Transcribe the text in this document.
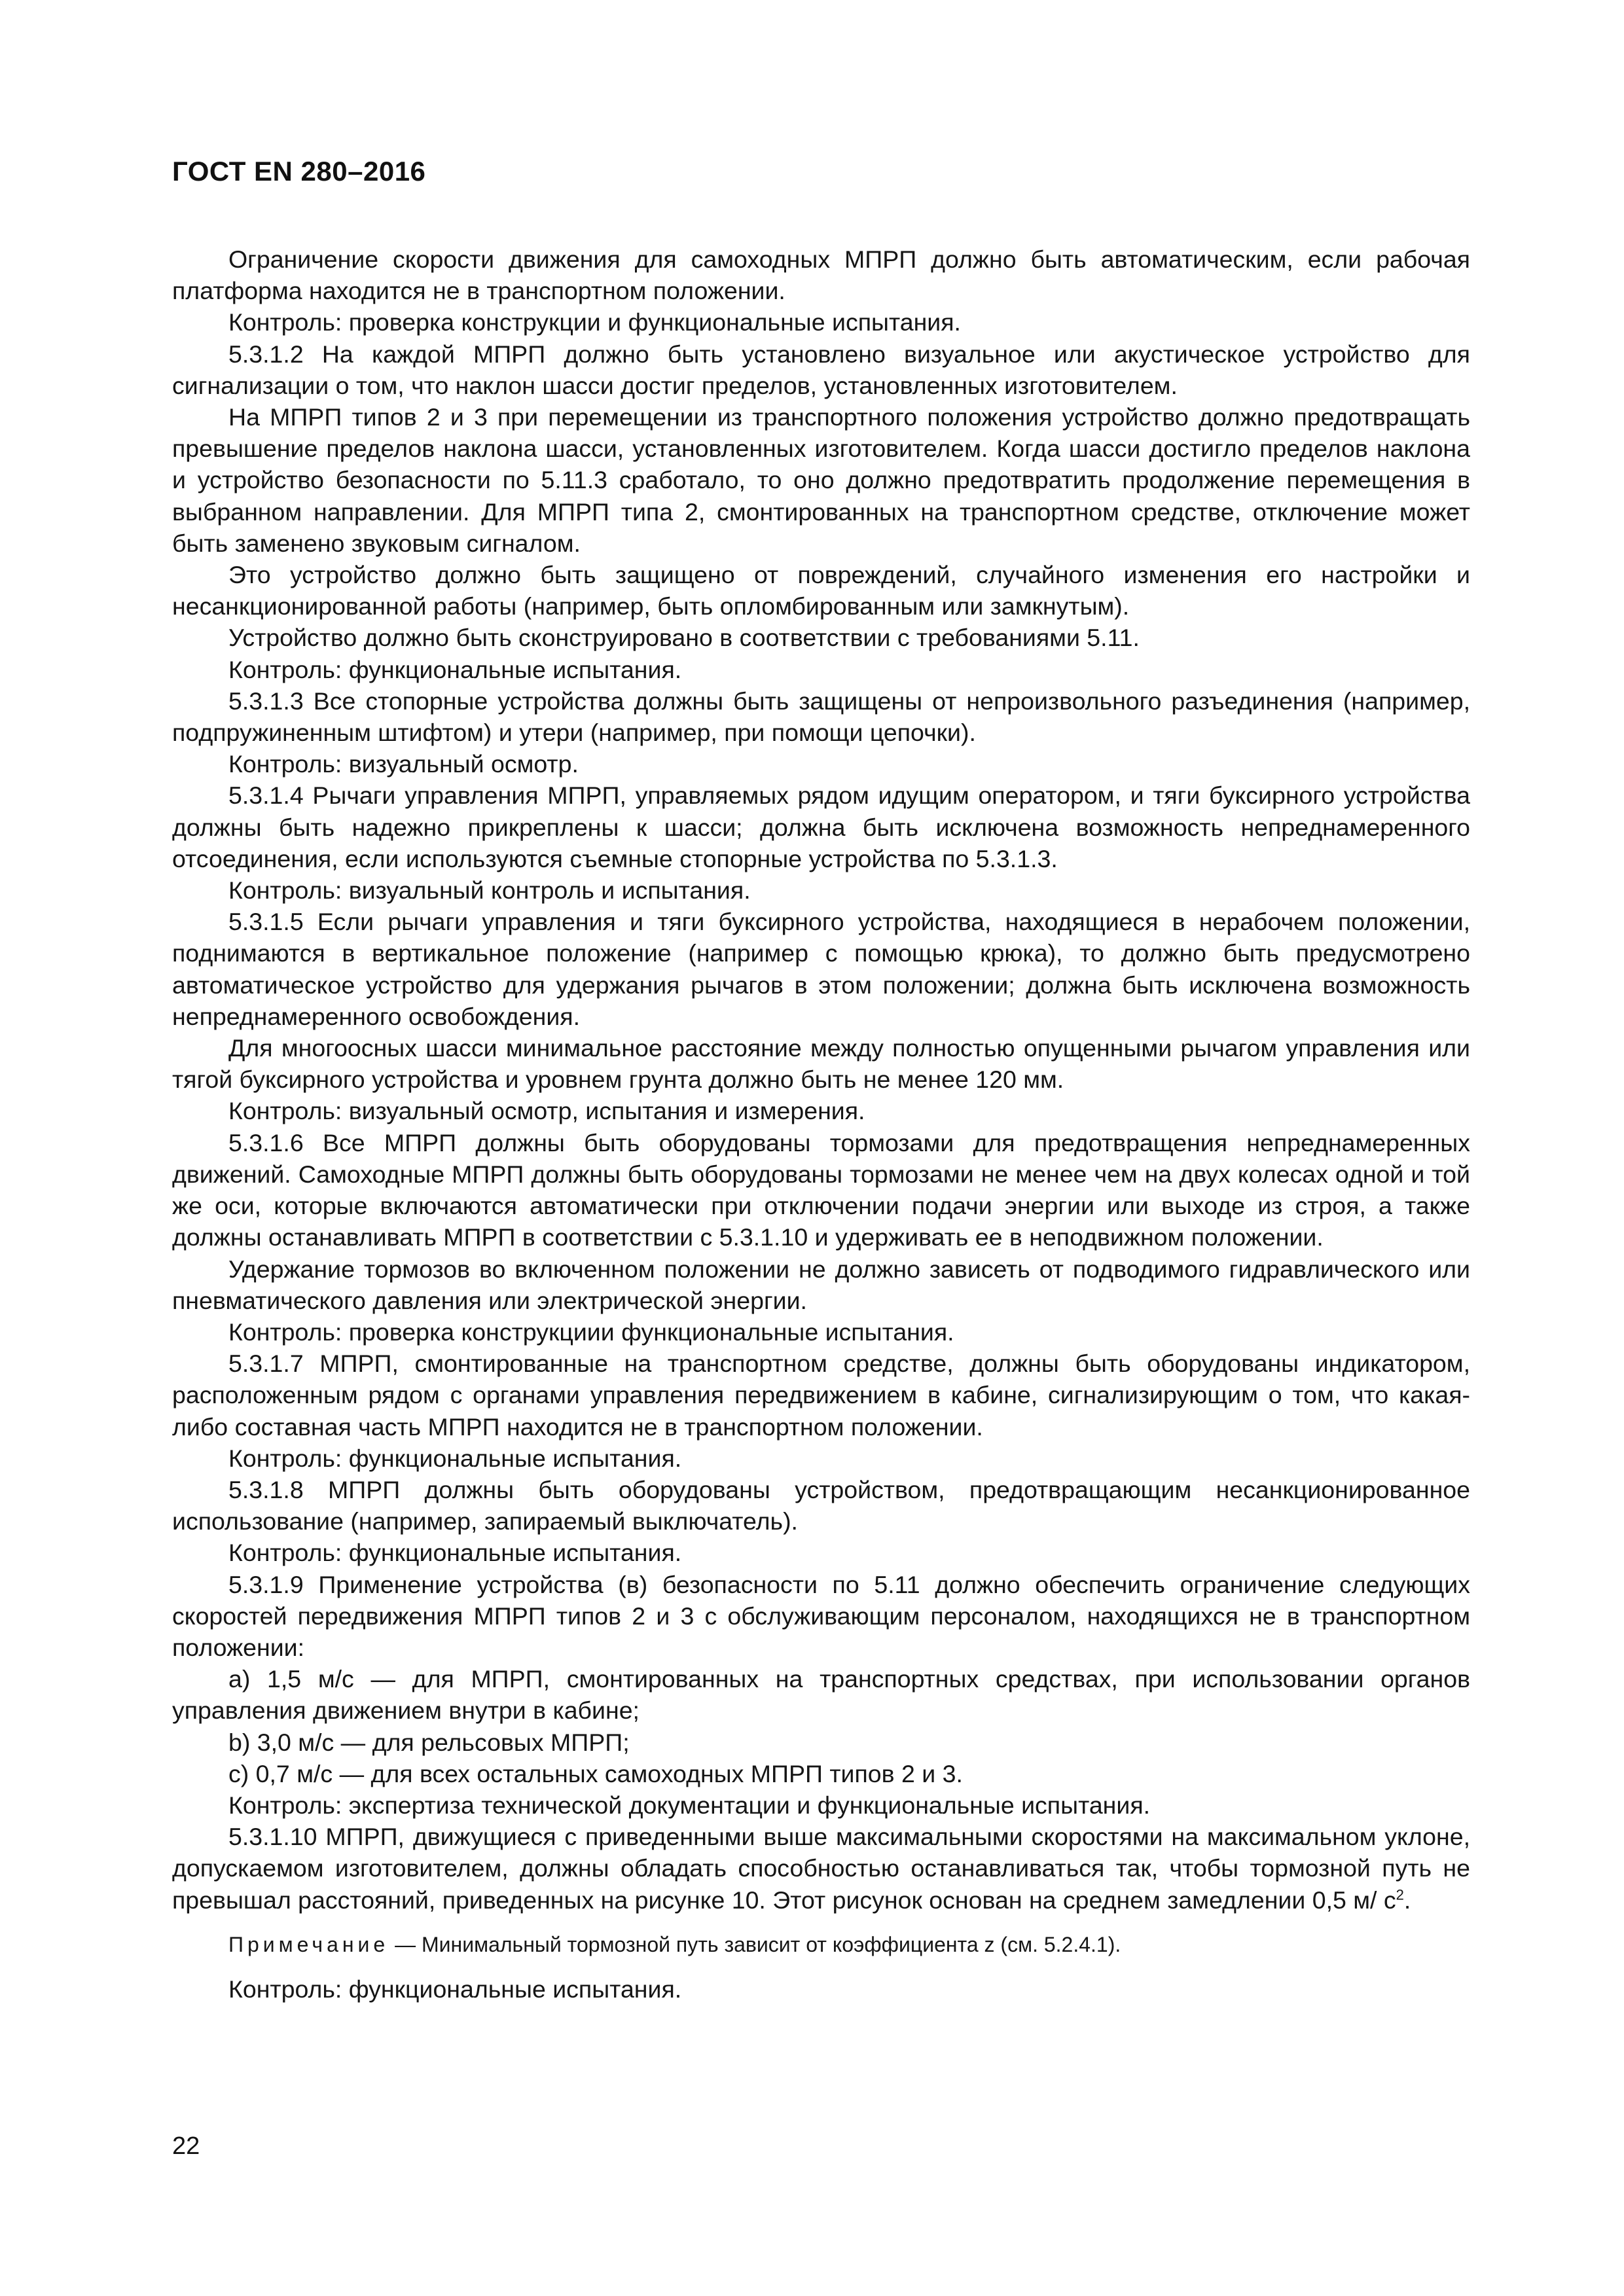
ГОСТ EN 280–2016

Ограничение скорости движения для самоходных МПРП должно быть автоматическим, если рабочая платформа находится не в транспортном положении.

Контроль: проверка конструкции и функциональные испытания.

5.3.1.2 На каждой МПРП должно быть установлено визуальное или акустическое устройство для сигнализации о том, что наклон шасси достиг пределов, установленных изготовителем.

На МПРП типов 2 и 3 при перемещении из транспортного положения устройство должно предотвращать превышение пределов наклона шасси, установленных изготовителем. Когда шасси достигло пределов наклона и устройство безопасности по 5.11.3 сработало, то оно должно предотвратить продолжение перемещения в выбранном направлении. Для МПРП типа 2, смонтированных на транспортном средстве, отключение может быть заменено звуковым сигналом.

Это устройство должно быть защищено от повреждений, случайного изменения его настройки и несанкционированной работы (например, быть опломбированным или замкнутым).

Устройство должно быть сконструировано в соответствии с требованиями 5.11.

Контроль: функциональные испытания.

5.3.1.3 Все стопорные устройства должны быть защищены от непроизвольного разъединения (например, подпружиненным штифтом) и утери (например, при помощи цепочки).

Контроль: визуальный осмотр.

5.3.1.4 Рычаги управления МПРП, управляемых рядом идущим оператором, и тяги буксирного устройства должны быть надежно прикреплены к шасси; должна быть исключена возможность непреднамеренного отсоединения, если используются съемные стопорные устройства по 5.3.1.3.

Контроль: визуальный контроль и испытания.

5.3.1.5 Если рычаги управления и тяги буксирного устройства, находящиеся в нерабочем положении, поднимаются в вертикальное положение (например с помощью крюка), то должно быть предусмотрено автоматическое устройство для удержания рычагов в этом положении; должна быть исключена возможность непреднамеренного освобождения.

Для многоосных шасси минимальное расстояние между полностью опущенными рычагом управления или тягой буксирного устройства и уровнем грунта должно быть не менее 120 мм.

Контроль: визуальный осмотр, испытания и измерения.

5.3.1.6 Все МПРП должны быть оборудованы тормозами для предотвращения непреднамеренных движений. Самоходные МПРП должны быть оборудованы тормозами не менее чем на двух колесах одной и той же оси, которые включаются автоматически при отключении подачи энергии или выходе из строя, а также должны останавливать МПРП в соответствии с 5.3.1.10 и удерживать ее в неподвижном положении.

Удержание тормозов во включенном положении не должно зависеть от подводимого гидравлического или пневматического давления или электрической энергии.

Контроль: проверка конструкциии функциональные испытания.

5.3.1.7 МПРП, смонтированные на транспортном средстве, должны быть оборудованы индикатором, расположенным рядом с органами управления передвижением в кабине, сигнализирующим о том, что какая-либо составная часть МПРП находится не в транспортном положении.

Контроль: функциональные испытания.

5.3.1.8 МПРП должны быть оборудованы устройством, предотвращающим несанкционированное использование (например, запираемый выключатель).

Контроль: функциональные испытания.

5.3.1.9 Применение устройства (в) безопасности по 5.11 должно обеспечить ограничение следующих скоростей передвижения МПРП типов 2 и 3 с обслуживающим персоналом, находящихся не в транспортном положении:

a) 1,5 м/с — для МПРП, смонтированных на транспортных средствах, при использовании органов управления движением внутри в кабине;

b) 3,0 м/с — для рельсовых МПРП;

c) 0,7 м/с — для всех остальных самоходных МПРП типов 2 и 3.

Контроль: экспертиза технической документации и функциональные испытания.

5.3.1.10 МПРП, движущиеся с приведенными выше максимальными скоростями на максимальном уклоне, допускаемом изготовителем, должны обладать способностью останавливаться так, чтобы тормозной путь не превышал расстояний, приведенных на рисунке 10. Этот рисунок основан на среднем замедлении 0,5 м/ $с^2$.

Примечание — Минимальный тормозной путь зависит от коэффициента z (см. 5.2.4.1).

Контроль: функциональные испытания.

22
